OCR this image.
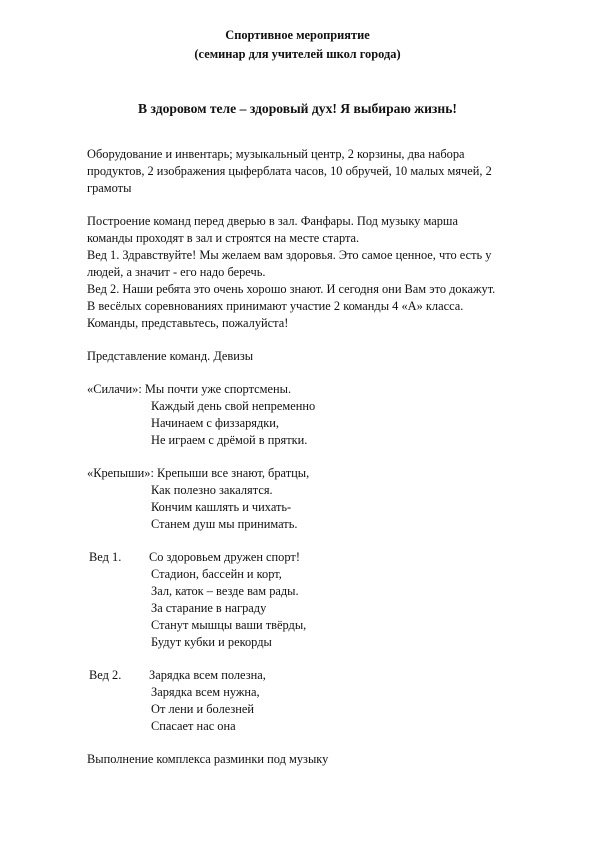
Спортивное мероприятие
(семинар для учителей школ города)
В здоровом теле – здоровый дух! Я выбираю жизнь!
Оборудование и инвентарь; музыкальный центр, 2 корзины, два набора
продуктов, 2 изображения цыферблата часов, 10 обручей, 10 малых мячей, 2
грамоты
Построение команд перед дверью в зал. Фанфары. Под музыку марша
команды проходят в зал и строятся на месте старта.
Вед 1. Здравствуйте! Мы желаем вам здоровья. Это самое ценное, что есть у
людей, а значит - его надо беречь.
Вед 2. Наши ребята это очень хорошо знают. И сегодня они Вам это докажут.
В весёлых соревнованиях принимают участие 2 команды 4 «А» класса.
Команды, представьтесь, пожалуйста!
Представление команд. Девизы
«Силачи»: Мы почти уже спортсмены.
Каждый день свой непременно
Начинаем с физзарядки,
Не играем с дрёмой в прятки.
«Крепыши»: Крепыши все знают, братцы,
Как полезно закалятся.
Кончим кашлять и чихать-
Станем душ мы принимать.
Вед 1. Со здоровьем дружен спорт!
Стадион, бассейн и корт,
Зал, каток – везде вам рады.
За старание в награду
Станут мышцы ваши твёрды,
Будут кубки и рекорды
Вед 2. Зарядка всем полезна,
Зарядка всем нужна,
От лени и болезней
Спасает нас она
Выполнение комплекса разминки под музыку
